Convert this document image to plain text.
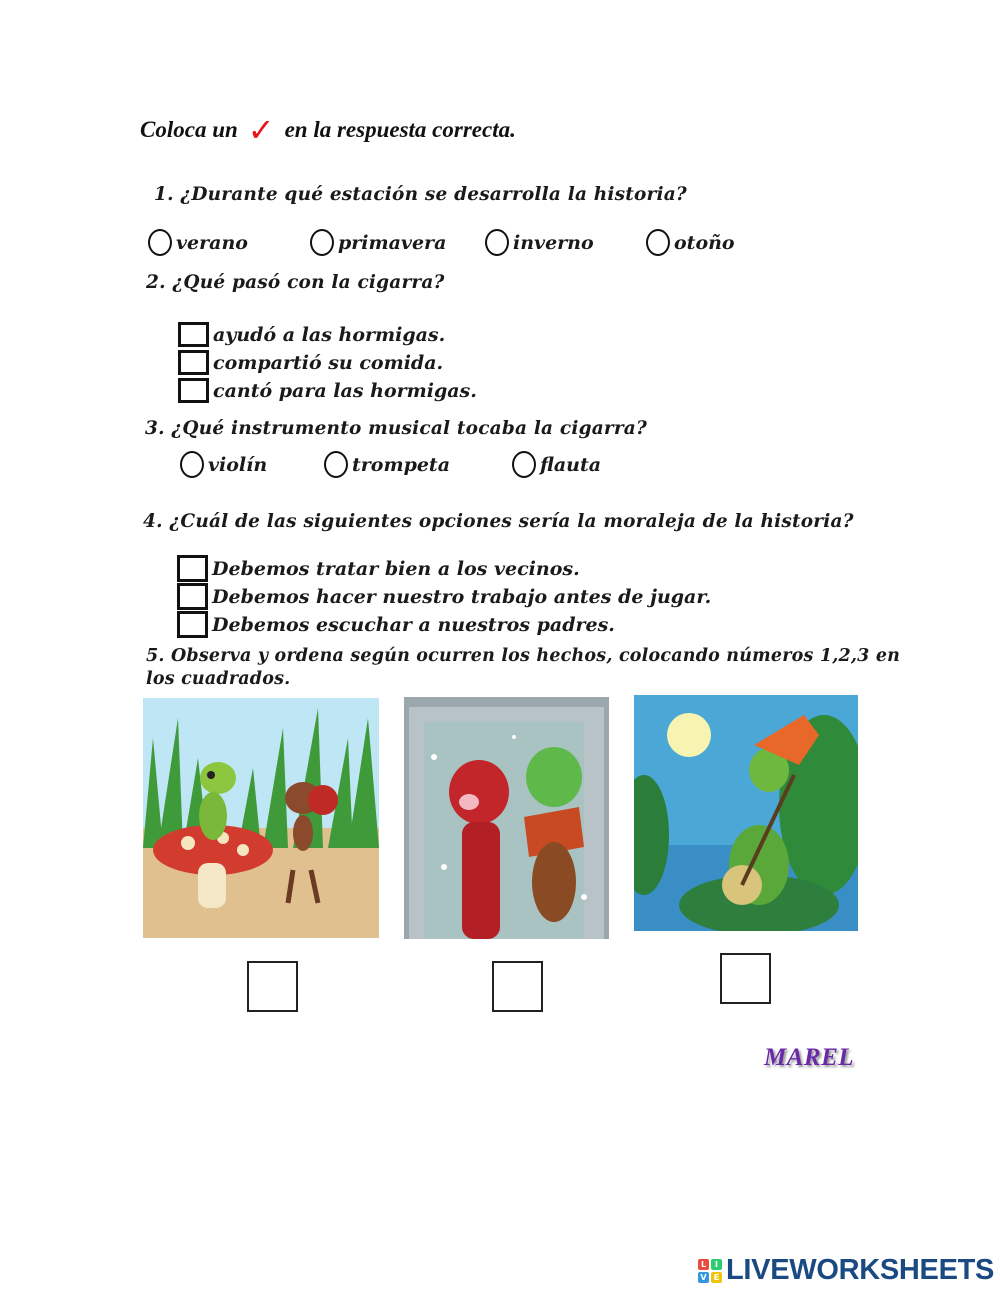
Coloca un ✓ en la respuesta correcta.
1. ¿Durante qué estación se desarrolla la historia?
verano	primavera	inverno	otoño
2. ¿Qué pasó con la cigarra?
ayudó a las hormigas.
compartió su comida.
cantó para las hormigas.
3. ¿Qué instrumento musical tocaba la cigarra?
violín	trompeta	flauta
4. ¿Cuál de las siguientes opciones sería la moraleja de la historia?
Debemos tratar bien a los vecinos.
Debemos hacer nuestro trabajo antes de jugar.
Debemos escuchar a nuestros padres.
5. Observa y ordena según ocurren los hechos, colocando números 1,2,3 en
los cuadrados.
MAREL
L	I
V E LIVEWORKSHEETS
